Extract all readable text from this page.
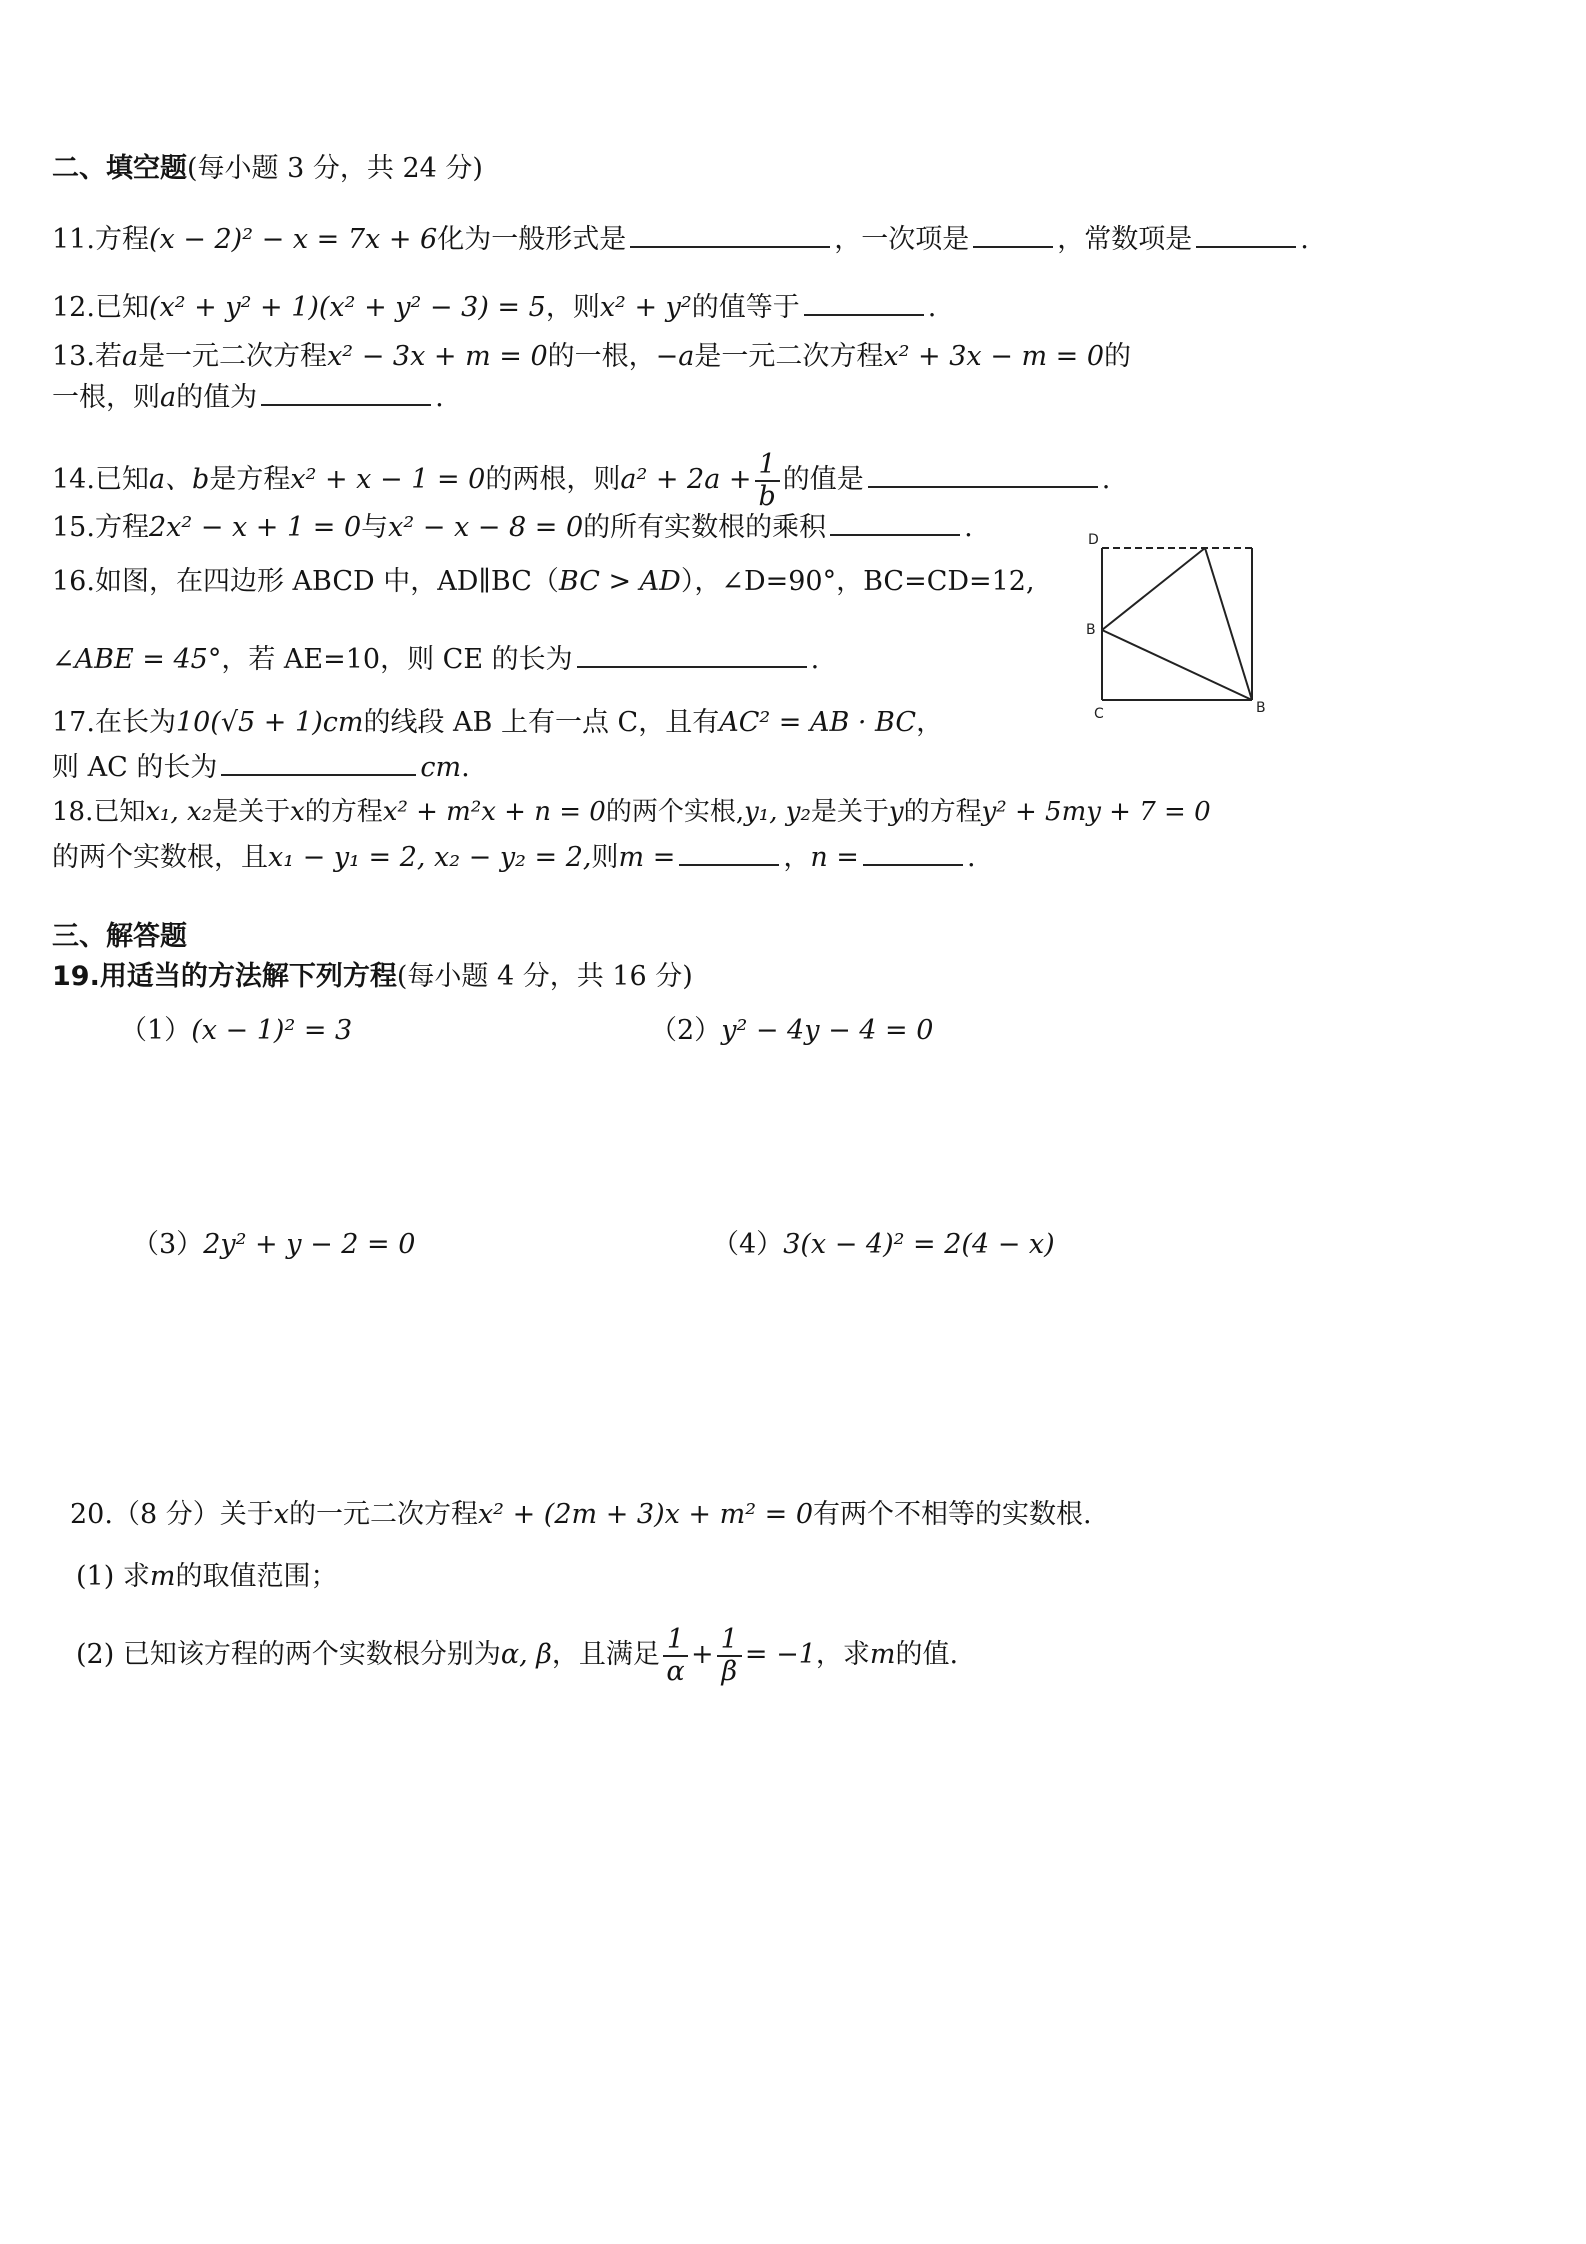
二、填空题(每小题 3 分，共 24 分)
11.方程(x − 2)² − x = 7x + 6化为一般形式是	，一次项是	，常数项是	.
12.已知(x² + y² + 1)(x² + y² − 3) = 5，则x² + y²的值等于	.
13.若a是一元二次方程x² − 3x + m = 0的一根，−a是一元二次方程x² + 3x − m = 0的
一根，则a的值为	.
14.已知a、b是方程x² + x − 1 = 0的两根，则$a^2 + 2a + \frac{1}{b}$ 的值是	.
15.方程2x² − x + 1 = 0与x² − x − 8 = 0的所有实数根的乘积	.
16.如图，在四边形 ABCD 中，AD∥BC（BC > AD），∠D=90°，BC=CD=12,
∠ABE = 45°，若 AE=10，则 CE 的长为	.
D
B
C	B
17.在长为10(√5 + 1)cm的线段 AB 上有一点 C，且有AC² = AB · BC，
则 AC 的长为	cm.
18.已知x₁, x₂是关于x的方程x² + m²x + n = 0的两个实根,y₁, y₂是关于y的方程y² + 5my + 7 = 0
的两个实数根，且x₁ − y₁ = 2, x₂ − y₂ = 2,则m =	，n =	.
三、解答题
19.用适当的方法解下列方程(每小题 4 分，共 16 分)
（1）(x − 1)² = 3	（2）y² − 4y − 4 = 0
（3）2y² + y − 2 = 0	（4）3(x − 4)² = 2(4 − x)
20.（8 分）关于x的一元二次方程x² + (2m + 3)x + m² = 0有两个不相等的实数根.
(1) 求m的取值范围；
(2) 已知该方程的两个实数根分别为α, β，且满足 $\frac{1}{\alpha} + \frac{1}{\beta} = -1$，求m的值.
